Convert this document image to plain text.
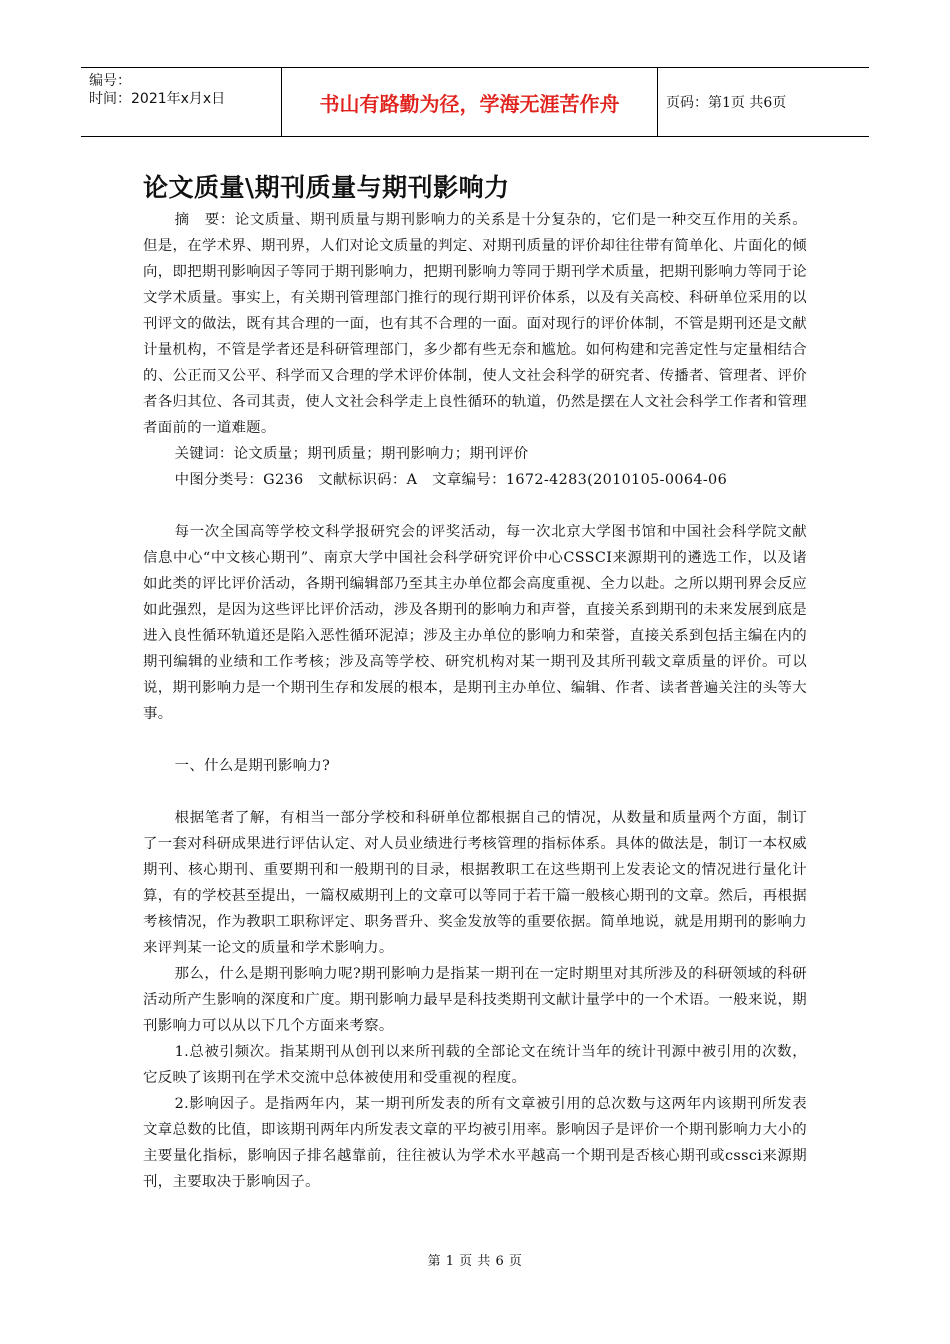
编号：
时间：2021年x月x日	书山有路勤为径，学海无涯苦作舟	页码：第1页 共6页
论文质量\期刊质量与期刊影响力

摘　要：论文质量、期刊质量与期刊影响力的关系是十分复杂的，它们是一种交互作用的关系。但是，在学术界、期刊界，人们对论文质量的判定、对期刊质量的评价却往往带有简单化、片面化的倾向，即把期刊影响因子等同于期刊影响力，把期刊影响力等同于期刊学术质量，把期刊影响力等同于论文学术质量。事实上，有关期刊管理部门推行的现行期刊评价体系，以及有关高校、科研单位采用的以刊评文的做法，既有其合理的一面，也有其不合理的一面。面对现行的评价体制，不管是期刊还是文献计量机构，不管是学者还是科研管理部门，多少都有些无奈和尴尬。如何构建和完善定性与定量相结合的、公正而又公平、科学而又合理的学术评价体制，使人文社会科学的研究者、传播者、管理者、评价者各归其位、各司其责，使人文社会科学走上良性循环的轨道，仍然是摆在人文社会科学工作者和管理者面前的一道难题。

关键词：论文质量；期刊质量；期刊影响力；期刊评价

中图分类号：G236　文献标识码：A　文章编号：1672-4283(2010105-0064-06

每一次全国高等学校文科学报研究会的评奖活动，每一次北京大学图书馆和中国社会科学院文献信息中心“中文核心期刊”、南京大学中国社会科学研究评价中心CSSCI来源期刊的遴选工作，以及诸如此类的评比评价活动，各期刊编辑部乃至其主办单位都会高度重视、全力以赴。之所以期刊界会反应如此强烈，是因为这些评比评价活动，涉及各期刊的影响力和声誉，直接关系到期刊的未来发展到底是进入良性循环轨道还是陷入恶性循环泥淖；涉及主办单位的影响力和荣誉，直接关系到包括主编在内的期刊编辑的业绩和工作考核；涉及高等学校、研究机构对某一期刊及其所刊载文章质量的评价。可以说，期刊影响力是一个期刊生存和发展的根本，是期刊主办单位、编辑、作者、读者普遍关注的头等大事。

一、什么是期刊影响力?

根据笔者了解，有相当一部分学校和科研单位都根据自己的情况，从数量和质量两个方面，制订了一套对科研成果进行评估认定、对人员业绩进行考核管理的指标体系。具体的做法是，制订一本权威期刊、核心期刊、重要期刊和一般期刊的目录，根据教职工在这些期刊上发表论文的情况进行量化计算，有的学校甚至提出，一篇权威期刊上的文章可以等同于若干篇一般核心期刊的文章。然后，再根据考核情况，作为教职工职称评定、职务晋升、奖金发放等的重要依据。简单地说，就是用期刊的影响力来评判某一论文的质量和学术影响力。

那么，什么是期刊影响力呢?期刊影响力是指某一期刊在一定时期里对其所涉及的科研领域的科研活动所产生影响的深度和广度。期刊影响力最早是科技类期刊文献计量学中的一个术语。一般来说，期刊影响力可以从以下几个方面来考察。

1.总被引频次。指某期刊从创刊以来所刊载的全部论文在统计当年的统计刊源中被引用的次数，它反映了该期刊在学术交流中总体被使用和受重视的程度。

2.影响因子。是指两年内，某一期刊所发表的所有文章被引用的总次数与这两年内该期刊所发表文章总数的比值，即该期刊两年内所发表文章的平均被引用率。影响因子是评价一个期刊影响力大小的主要量化指标，影响因子排名越靠前，往往被认为学术水平越高一个期刊是否核心期刊或cssci来源期刊，主要取决于影响因子。

第 1 页 共 6 页
